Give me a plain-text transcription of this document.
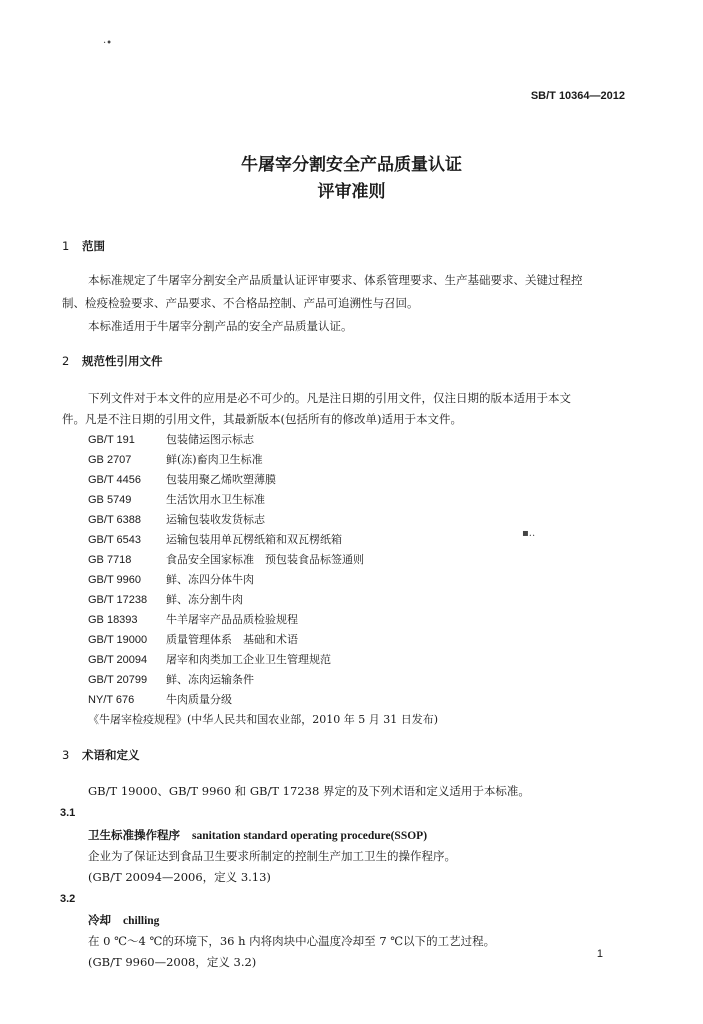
·•
▪..
SB/T 10364—2012
牛屠宰分割安全产品质量认证
评审准则
1 范围
本标准规定了牛屠宰分割安全产品质量认证评审要求、体系管理要求、生产基础要求、关键过程控
制、检疫检验要求、产品要求、不合格品控制、产品可追溯性与召回。
本标准适用于牛屠宰分割产品的安全产品质量认证。
2 规范性引用文件
下列文件对于本文件的应用是必不可少的。凡是注日期的引用文件，仅注日期的版本适用于本文
件。凡是不注日期的引用文件，其最新版本(包括所有的修改单)适用于本文件。
GB/T 191	包装储运图示标志
GB 2707	鲜(冻)畜肉卫生标准
GB/T 4456 包装用聚乙烯吹塑薄膜
GB 5749	生活饮用水卫生标准
GB/T 6388 运输包装收发货标志
GB/T 6543 运输包装用单瓦楞纸箱和双瓦楞纸箱
GB 7718	食品安全国家标准　预包装食品标签通则
GB/T 9960 鲜、冻四分体牛肉
GB/T 17238 鲜、冻分割牛肉
GB 18393	牛羊屠宰产品品质检验规程
GB/T 19000 质量管理体系　基础和术语
GB/T 20094 屠宰和肉类加工企业卫生管理规范
GB/T 20799 鲜、冻肉运输条件
NY/T 676	牛肉质量分级
《牛屠宰检疫规程》(中华人民共和国农业部，2010 年 5 月 31 日发布)
3 术语和定义
GB/T 19000、GB/T 9960 和 GB/T 17238 界定的及下列术语和定义适用于本标准。
3.1
卫生标准操作程序 sanitation standard operating procedure(SSOP)
企业为了保证达到食品卫生要求所制定的控制生产加工卫生的操作程序。
(GB/T 20094—2006，定义 3.13)
3.2
冷却 chilling
在 0 ℃～4 ℃的环境下，36 h 内将肉块中心温度冷却至 7 ℃以下的工艺过程。
(GB/T 9960—2008，定义 3.2)
1
